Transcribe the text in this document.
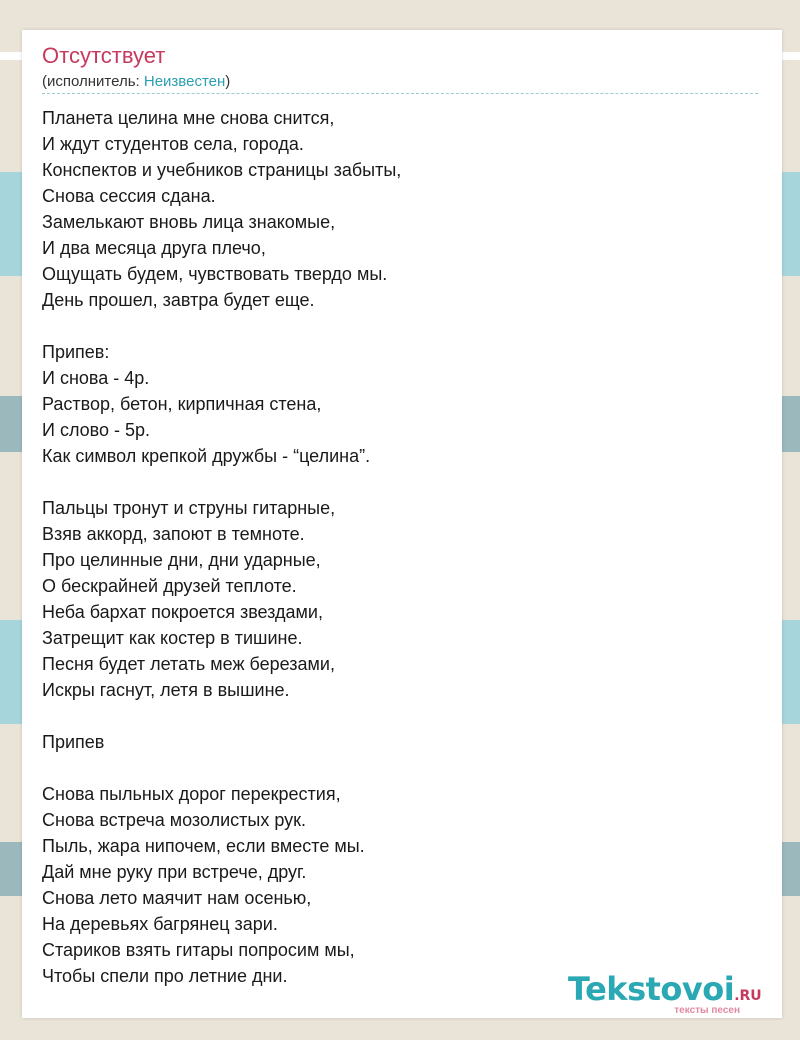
Отсутствует
(исполнитель: Неизвестен)
Планета целина мне снова снится,
И ждут студентов села, города.
Конспектов и учебников страницы забыты,
Снова сессия сдана.
Замелькают вновь лица знакомые,
И два месяца друга плечо,
Ощущать будем, чувствовать твердо мы.
День прошел, завтра будет еще.
Припев:
И снова - 4р.
Раствор, бетон, кирпичная стена,
И слово - 5р.
Как символ крепкой дружбы - “целина”.
Пальцы тронут и струны гитарные,
Взяв аккорд, запоют в темноте.
Про целинные дни, дни ударные,
О бескрайней друзей теплоте.
Неба бархат покроется звездами,
Затрещит как костер в тишине.
Песня будет летать меж березами,
Искры гаснут, летя в вышине.
Припев
Снова пыльных дорог перекрестия,
Снова встреча мозолистых рук.
Пыль, жара нипочем, если вместе мы.
Дай мне руку при встрече, друг.
Снова лето маячит нам осенью,
На деревьях багрянец зари.
Стариков взять гитары попросим мы,
Чтобы спели про летние дни.	Tekstovoi.RU
тексты песен
